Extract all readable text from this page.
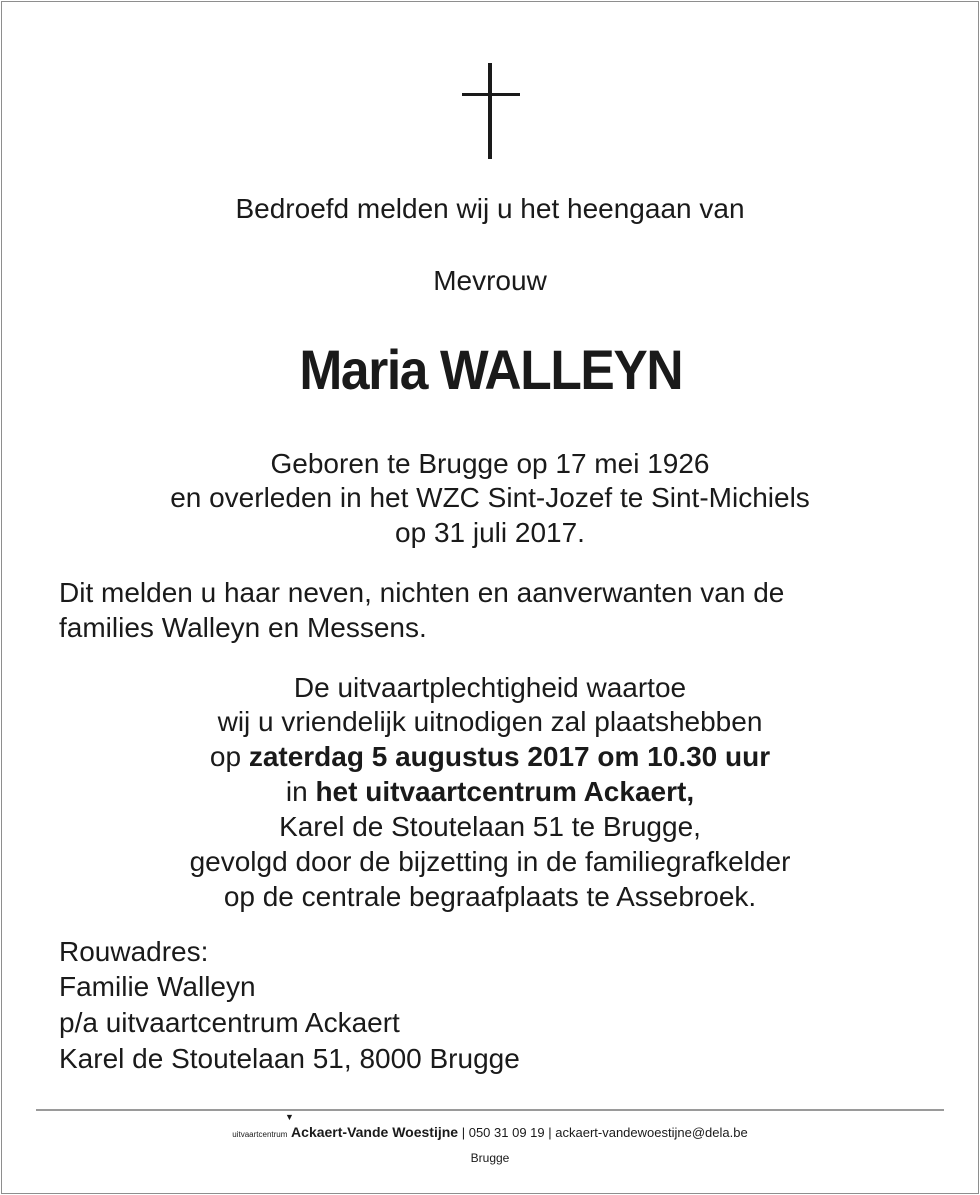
Bedroefd melden wij u het heengaan van
Mevrouw
Maria WALLEYN
Geboren te Brugge op 17 mei 1926
en overleden in het WZC Sint-Jozef te Sint-Michiels
op 31 juli 2017.
Dit melden u haar neven, nichten en aanverwanten van de
families Walleyn en Messens.
De uitvaartplechtigheid waartoe
wij u vriendelijk uitnodigen zal plaatshebben
op zaterdag 5 augustus 2017 om 10.30 uur
in het uitvaartcentrum Ackaert,
Karel de Stoutelaan 51 te Brugge,
gevolgd door de bijzetting in de familiegrafkelder
op de centrale begraafplaats te Assebroek.
Rouwadres:
Familie Walleyn
p/a uitvaartcentrum Ackaert
Karel de Stoutelaan 51, 8000 Brugge
uitvaartcentrum
▼
Ackaert-Vande Woestijne | 050 31 09 19 | ackaert-vandewoestijne@dela.be
Brugge
